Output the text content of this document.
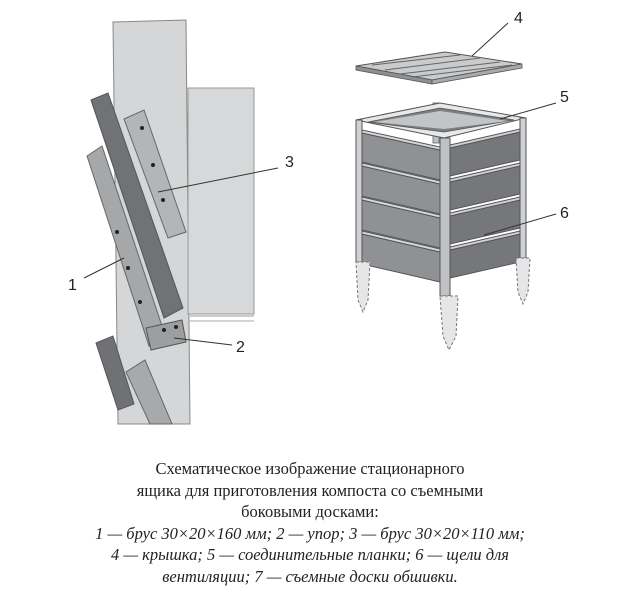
1
2
3
4
5
6
Схематическое изображение стационарного
ящика для приготовления компоста со съемными
боковыми досками:
1 — брус 30×20×160 мм; 2 — упор; 3 — брус 30×20×110 мм;
4 — крышка; 5 — соединительные планки; 6 — щели для
вентиляции; 7 — съемные доски обшивки.
